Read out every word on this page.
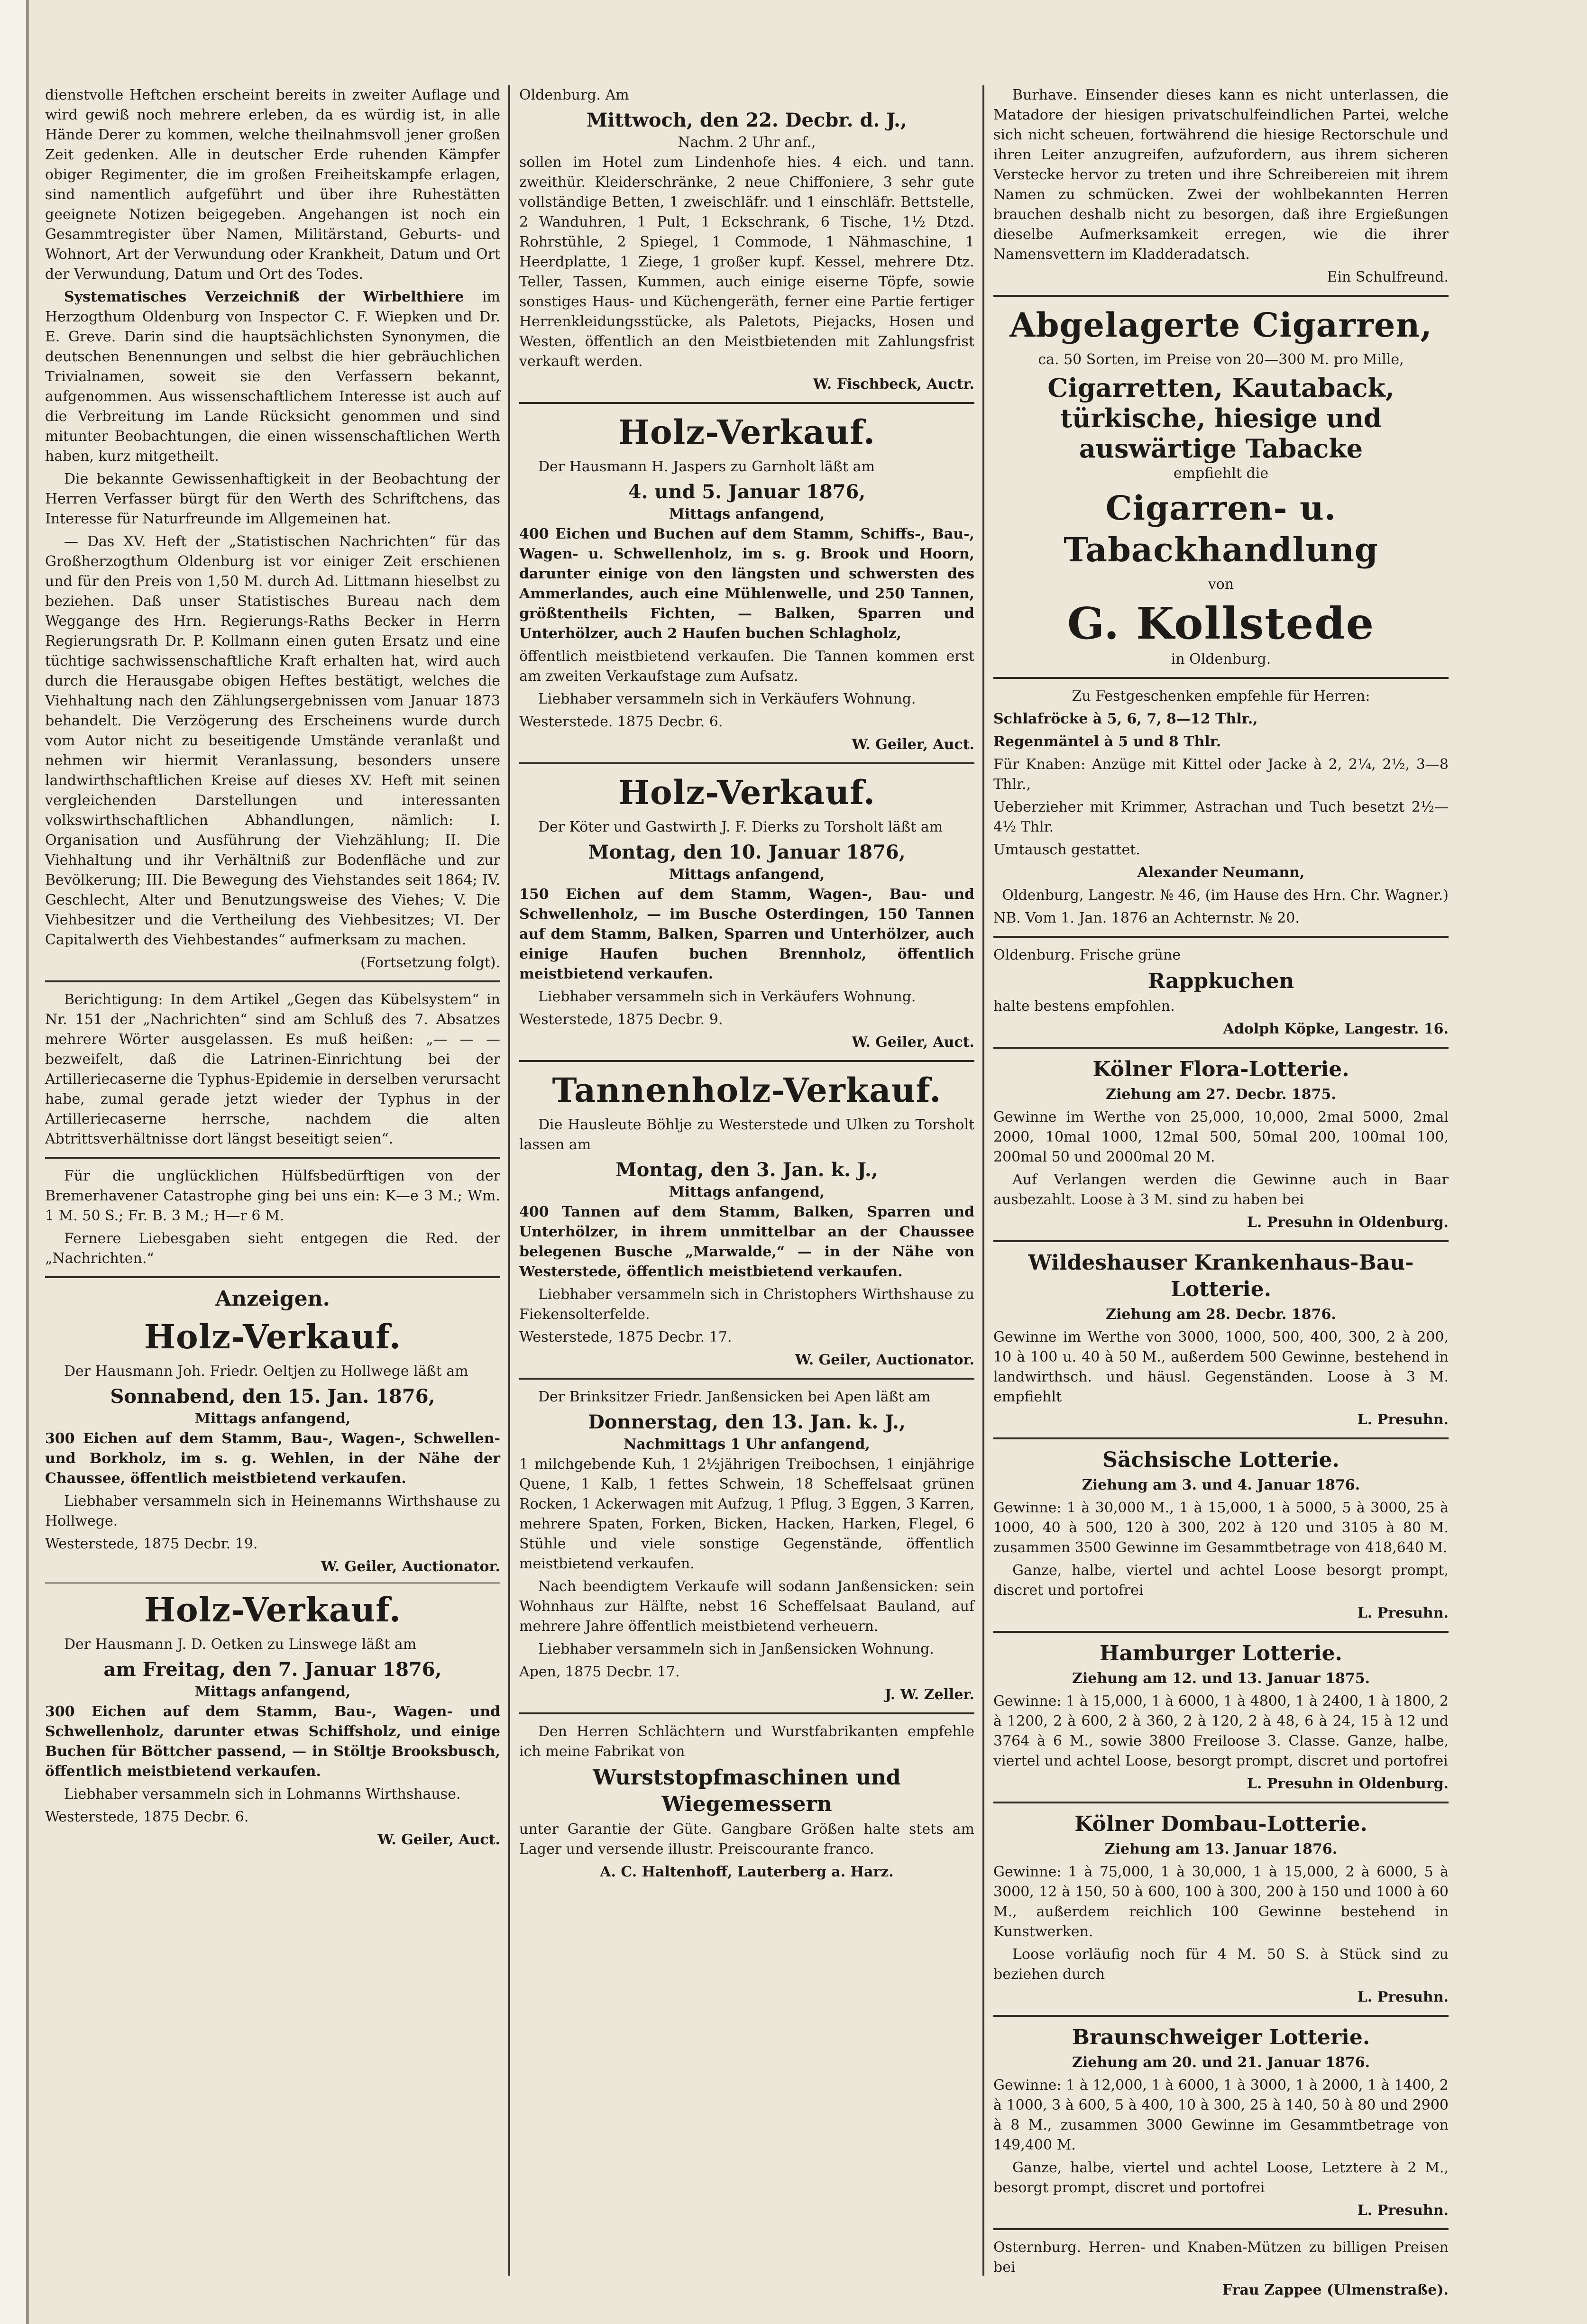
dienstvolle Heftchen erscheint bereits in zweiter Auflage und wird gewiß noch mehrere erleben, da es würdig ist, in alle Hände Derer zu kommen, welche theilnahmsvoll jener großen Zeit gedenken. Alle in deutscher Erde ruhenden Kämpfer obiger Regimenter, die im großen Freiheitskampfe erlagen, sind namentlich aufgeführt und über ihre Ruhestätten geeignete Notizen beigegeben. Angehangen ist noch ein Gesammtregister über Namen, Militärstand, Geburts- und Wohnort, Art der Verwundung oder Krankheit, Datum und Ort der Verwundung, Datum und Ort des Todes.

Systematisches Verzeichniß der Wirbelthiere im Herzogthum Oldenburg von Inspector C. F. Wiepken und Dr. E. Greve. Darin sind die hauptsächlichsten Synonymen, die deutschen Benennungen und selbst die hier gebräuchlichen Trivialnamen, soweit sie den Verfassern bekannt, aufgenommen. Aus wissenschaftlichem Interesse ist auch auf die Verbreitung im Lande Rücksicht genommen und sind mitunter Beobachtungen, die einen wissenschaftlichen Werth haben, kurz mitgetheilt.

Die bekannte Gewissenhaftigkeit in der Beobachtung der Herren Verfasser bürgt für den Werth des Schriftchens, das Interesse für Naturfreunde im Allgemeinen hat.

— Das XV. Heft der „Statistischen Nachrichten“ für das Großherzogthum Oldenburg ist vor einiger Zeit erschienen und für den Preis von 1,50 M. durch Ad. Littmann hieselbst zu beziehen. Daß unser Statistisches Bureau nach dem Weggange des Hrn. Regierungs-Raths Becker in Herrn Regierungsrath Dr. P. Kollmann einen guten Ersatz und eine tüchtige sachwissenschaftliche Kraft erhalten hat, wird auch durch die Herausgabe obigen Heftes bestätigt, welches die Viehhaltung nach den Zählungsergebnissen vom Januar 1873 behandelt. Die Verzögerung des Erscheinens wurde durch vom Autor nicht zu beseitigende Umstände veranlaßt und nehmen wir hiermit Veranlassung, besonders unsere landwirthschaftlichen Kreise auf dieses XV. Heft mit seinen vergleichenden Darstellungen und interessanten volkswirthschaftlichen Abhandlungen, nämlich: I. Organisation und Ausführung der Viehzählung; II. Die Viehhaltung und ihr Verhältniß zur Bodenfläche und zur Bevölkerung; III. Die Bewegung des Viehstandes seit 1864; IV. Geschlecht, Alter und Benutzungsweise des Viehes; V. Die Viehbesitzer und die Vertheilung des Viehbesitzes; VI. Der Capitalwerth des Viehbestandes“ aufmerksam zu machen.

(Fortsetzung folgt).

Berichtigung: In dem Artikel „Gegen das Kübelsystem“ in Nr. 151 der „Nachrichten“ sind am Schluß des 7. Absatzes mehrere Wörter ausgelassen. Es muß heißen: „— — — bezweifelt, daß die Latrinen-Einrichtung bei der Artilleriecaserne die Typhus-Epidemie in derselben verursacht habe, zumal gerade jetzt wieder der Typhus in der Artilleriecaserne herrsche, nachdem die alten Abtrittsverhältnisse dort längst beseitigt seien“.

Für die unglücklichen Hülfsbedürftigen von der Bremerhavener Catastrophe ging bei uns ein: K—e 3 M.; Wm. 1 M. 50 S.; Fr. B. 3 M.; H—r 6 M.

Fernere Liebesgaben sieht entgegen die Red. der „Nachrichten.“

Anzeigen.
Holz-Verkauf.

Der Hausmann Joh. Friedr. Oeltjen zu Hollwege läßt am

Sonnabend, den 15. Jan. 1876,
Mittags anfangend,

300 Eichen auf dem Stamm, Bau-, Wagen-, Schwellen- und Borkholz, im s. g. Wehlen, in der Nähe der Chaussee, öffentlich meistbietend verkaufen.

Liebhaber versammeln sich in Heinemanns Wirthshause zu Hollwege.

Westerstede, 1875 Decbr. 19.

W. Geiler, Auctionator.

Holz-Verkauf.

Der Hausmann J. D. Oetken zu Linswege läßt am

am Freitag, den 7. Januar 1876,
Mittags anfangend,

300 Eichen auf dem Stamm, Bau-, Wagen- und Schwellenholz, darunter etwas Schiffsholz, und einige Buchen für Böttcher passend, — in Stöltje Brooksbusch, öffentlich meistbietend verkaufen.

Liebhaber versammeln sich in Lohmanns Wirthshause.

Westerstede, 1875 Decbr. 6.

W. Geiler, Auct.

Oldenburg. Am

Mittwoch, den 22. Decbr. d. J.,
Nachm. 2 Uhr anf.,

sollen im Hotel zum Lindenhofe hies. 4 eich. und tann. zweithür. Kleiderschränke, 2 neue Chiffoniere, 3 sehr gute vollständige Betten, 1 zweischläfr. und 1 einschläfr. Bettstelle, 2 Wanduhren, 1 Pult, 1 Eckschrank, 6 Tische, 1½ Dtzd. Rohrstühle, 2 Spiegel, 1 Commode, 1 Nähmaschine, 1 Heerdplatte, 1 Ziege, 1 großer kupf. Kessel, mehrere Dtz. Teller, Tassen, Kummen, auch einige eiserne Töpfe, sowie sonstiges Haus- und Küchengeräth, ferner eine Partie fertiger Herrenkleidungsstücke, als Paletots, Piejacks, Hosen und Westen, öffentlich an den Meistbietenden mit Zahlungsfrist verkauft werden.

W. Fischbeck, Auctr.

Holz-Verkauf.

Der Hausmann H. Jaspers zu Garnholt läßt am

4. und 5. Januar 1876,
Mittags anfangend,

400 Eichen und Buchen auf dem Stamm, Schiffs-, Bau-, Wagen- u. Schwellenholz, im s. g. Brook und Hoorn, darunter einige von den längsten und schwersten des Ammerlandes, auch eine Mühlenwelle, und 250 Tannen, größtentheils Fichten, — Balken, Sparren und Unterhölzer, auch 2 Haufen buchen Schlagholz,

öffentlich meistbietend verkaufen. Die Tannen kommen erst am zweiten Verkaufstage zum Aufsatz.

Liebhaber versammeln sich in Verkäufers Wohnung.

Westerstede. 1875 Decbr. 6.

W. Geiler, Auct.

Holz-Verkauf.

Der Köter und Gastwirth J. F. Dierks zu Torsholt läßt am

Montag, den 10. Januar 1876,
Mittags anfangend,

150 Eichen auf dem Stamm, Wagen-, Bau- und Schwellenholz, — im Busche Osterdingen, 150 Tannen auf dem Stamm, Balken, Sparren und Unterhölzer, auch einige Haufen buchen Brennholz, öffentlich meistbietend verkaufen.

Liebhaber versammeln sich in Verkäufers Wohnung.

Westerstede, 1875 Decbr. 9.

W. Geiler, Auct.

Tannenholz-Verkauf.

Die Hausleute Böhlje zu Westerstede und Ulken zu Torsholt lassen am

Montag, den 3. Jan. k. J.,
Mittags anfangend,

400 Tannen auf dem Stamm, Balken, Sparren und Unterhölzer, in ihrem unmittelbar an der Chaussee belegenen Busche „Marwalde,“ — in der Nähe von Westerstede, öffentlich meistbietend verkaufen.

Liebhaber versammeln sich in Christophers Wirthshause zu Fiekensolterfelde.

Westerstede, 1875 Decbr. 17.

W. Geiler, Auctionator.

Der Brinksitzer Friedr. Janßensicken bei Apen läßt am

Donnerstag, den 13. Jan. k. J.,
Nachmittags 1 Uhr anfangend,

1 milchgebende Kuh, 1 2½jährigen Treibochsen, 1 einjährige Quene, 1 Kalb, 1 fettes Schwein, 18 Scheffelsaat grünen Rocken, 1 Ackerwagen mit Aufzug, 1 Pflug, 3 Eggen, 3 Karren, mehrere Spaten, Forken, Bicken, Hacken, Harken, Flegel, 6 Stühle und viele sonstige Gegenstände, öffentlich meistbietend verkaufen.

Nach beendigtem Verkaufe will sodann Janßensicken: sein Wohnhaus zur Hälfte, nebst 16 Scheffelsaat Bauland, auf mehrere Jahre öffentlich meistbietend verheuern.

Liebhaber versammeln sich in Janßensicken Wohnung.

Apen, 1875 Decbr. 17.

J. W. Zeller.

Den Herren Schlächtern und Wurstfabrikanten empfehle ich meine Fabrikat von

Wurststopfmaschinen und Wiegemessern

unter Garantie der Güte. Gangbare Größen halte stets am Lager und versende illustr. Preiscourante franco.

A. C. Haltenhoff, Lauterberg a. Harz.

Burhave. Einsender dieses kann es nicht unterlassen, die Matadore der hiesigen privatschulfeindlichen Partei, welche sich nicht scheuen, fortwährend die hiesige Rectorschule und ihren Leiter anzugreifen, aufzufordern, aus ihrem sicheren Verstecke hervor zu treten und ihre Schreibereien mit ihrem Namen zu schmücken. Zwei der wohlbekannten Herren brauchen deshalb nicht zu besorgen, daß ihre Ergießungen dieselbe Aufmerksamkeit erregen, wie die ihrer Namensvettern im Kladderadatsch.

Ein Schulfreund.

Abgelagerte Cigarren,

ca. 50 Sorten, im Preise von 20—300 M. pro Mille,

Cigarretten, Kautaback,
türkische, hiesige und
auswärtige Tabacke

empfiehlt die

Cigarren- u. Tabackhandlung

von

G. Kollstede

in Oldenburg.

Zu Festgeschenken empfehle für Herren:

Schlafröcke à 5, 6, 7, 8—12 Thlr.,

Regenmäntel à 5 und 8 Thlr.

Für Knaben: Anzüge mit Kittel oder Jacke à 2, 2¼, 2½, 3—8 Thlr.,

Ueberzieher mit Krimmer, Astrachan und Tuch besetzt 2½—4½ Thlr.

Umtausch gestattet.

Alexander Neumann,

Oldenburg, Langestr. № 46, (im Hause des Hrn. Chr. Wagner.)

NB. Vom 1. Jan. 1876 an Achternstr. № 20.

Oldenburg. Frische grüne

Rappkuchen

halte bestens empfohlen.

Adolph Köpke, Langestr. 16.

Kölner Flora-Lotterie.

Ziehung am 27. Decbr. 1875.

Gewinne im Werthe von 25,000, 10,000, 2mal 5000, 2mal 2000, 10mal 1000, 12mal 500, 50mal 200, 100mal 100, 200mal 50 und 2000mal 20 M.

Auf Verlangen werden die Gewinne auch in Baar ausbezahlt. Loose à 3 M. sind zu haben bei

L. Presuhn in Oldenburg.

Wildeshauser Krankenhaus-Bau-Lotterie.

Ziehung am 28. Decbr. 1876.

Gewinne im Werthe von 3000, 1000, 500, 400, 300, 2 à 200, 10 à 100 u. 40 à 50 M., außerdem 500 Gewinne, bestehend in landwirthsch. und häusl. Gegenständen. Loose à 3 M. empfiehlt

L. Presuhn.

Sächsische Lotterie.

Ziehung am 3. und 4. Januar 1876.

Gewinne: 1 à 30,000 M., 1 à 15,000, 1 à 5000, 5 à 3000, 25 à 1000, 40 à 500, 120 à 300, 202 à 120 und 3105 à 80 M. zusammen 3500 Gewinne im Gesammtbetrage von 418,640 M.

Ganze, halbe, viertel und achtel Loose besorgt prompt, discret und portofrei

L. Presuhn.

Hamburger Lotterie.

Ziehung am 12. und 13. Januar 1875.

Gewinne: 1 à 15,000, 1 à 6000, 1 à 4800, 1 à 2400, 1 à 1800, 2 à 1200, 2 à 600, 2 à 360, 2 à 120, 2 à 48, 6 à 24, 15 à 12 und 3764 à 6 M., sowie 3800 Freiloose 3. Classe. Ganze, halbe, viertel und achtel Loose, besorgt prompt, discret und portofrei

L. Presuhn in Oldenburg.

Kölner Dombau-Lotterie.

Ziehung am 13. Januar 1876.

Gewinne: 1 à 75,000, 1 à 30,000, 1 à 15,000, 2 à 6000, 5 à 3000, 12 à 150, 50 à 600, 100 à 300, 200 à 150 und 1000 à 60 M., außerdem reichlich 100 Gewinne bestehend in Kunstwerken.

Loose vorläufig noch für 4 M. 50 S. à Stück sind zu beziehen durch

L. Presuhn.

Braunschweiger Lotterie.

Ziehung am 20. und 21. Januar 1876.

Gewinne: 1 à 12,000, 1 à 6000, 1 à 3000, 1 à 2000, 1 à 1400, 2 à 1000, 3 à 600, 5 à 400, 10 à 300, 25 à 140, 50 à 80 und 2900 à 8 M., zusammen 3000 Gewinne im Gesammtbetrage von 149,400 M.

Ganze, halbe, viertel und achtel Loose, Letztere à 2 M., besorgt prompt, discret und portofrei

L. Presuhn.

Osternburg. Herren- und Knaben-Mützen zu billigen Preisen bei

Frau Zappee (Ulmenstraße).
